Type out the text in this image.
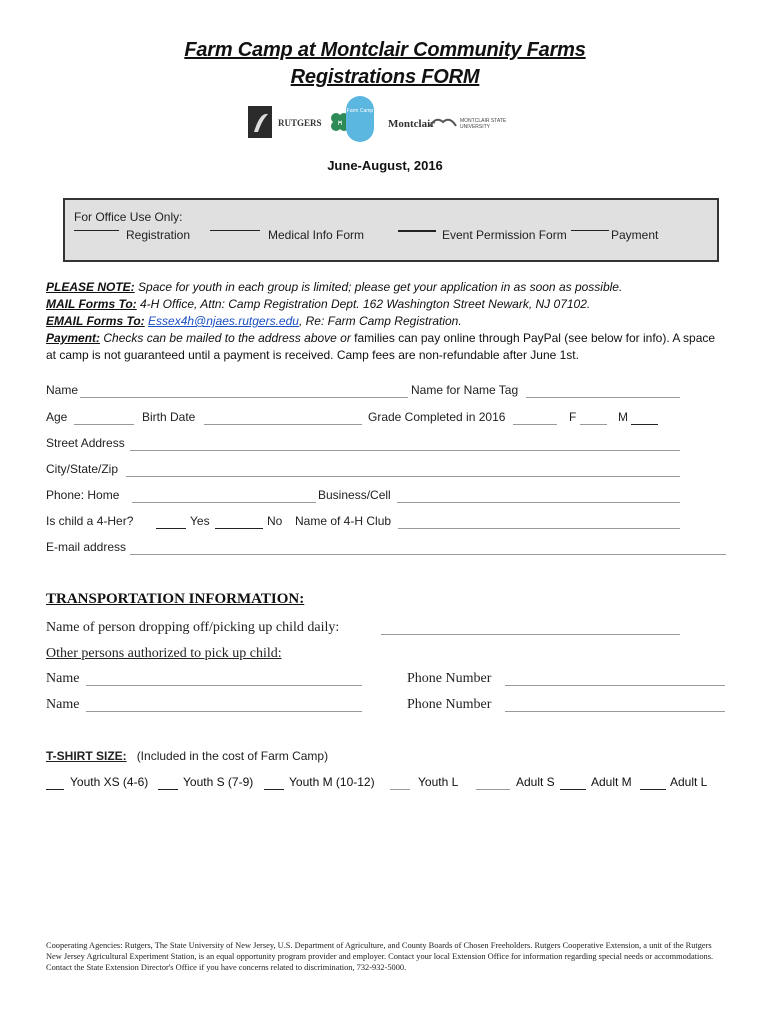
Farm Camp at Montclair Community Farms
Registrations FORM
RUTGERS	H
Farm Camp
Montclair	MONTCLAIR STATE UNIVERSITY
June-August, 2016
For Office Use Only:
Registration	Medical Info Form	Event Permission Form	Payment
PLEASE NOTE: Space for youth in each group is limited; please get your application in as soon as possible.
MAIL Forms To: 4-H Office, Attn: Camp Registration Dept. 162 Washington Street Newark, NJ 07102.
EMAIL Forms To: Essex4h@njaes.rutgers.edu, Re: Farm Camp Registration.
Payment: Checks can be mailed to the address above or families can pay online through PayPal (see below for info). A space at camp is not guaranteed until a payment is received. Camp fees are non-refundable after June 1st.
Name	Name for Name Tag
Age	Birth Date	Grade Completed in 2016	F	M
Street Address
City/State/Zip
Phone: Home	Business/Cell
Is child a 4-Her?	Yes	No Name of 4-H Club
E-mail address
TRANSPORTATION INFORMATION:
Name of person dropping off/picking up child daily:
Other persons authorized to pick up child:
Name	Phone Number
Name	Phone Number
T-SHIRT SIZE: (Included in the cost of Farm Camp)
Youth XS (4-6)	Youth S (7-9)	Youth M (10-12)	Youth L	Adult S	Adult M	Adult L
Cooperating Agencies: Rutgers, The State University of New Jersey, U.S. Department of Agriculture, and County Boards of Chosen Freeholders. Rutgers Cooperative Extension, a unit of the Rutgers New Jersey Agricultural Experiment Station, is an equal opportunity program provider and employer. Contact your local Extension Office for information regarding special needs or accommodations. Contact the State Extension Director's Office if you have concerns related to discrimination, 732-932-5000.
